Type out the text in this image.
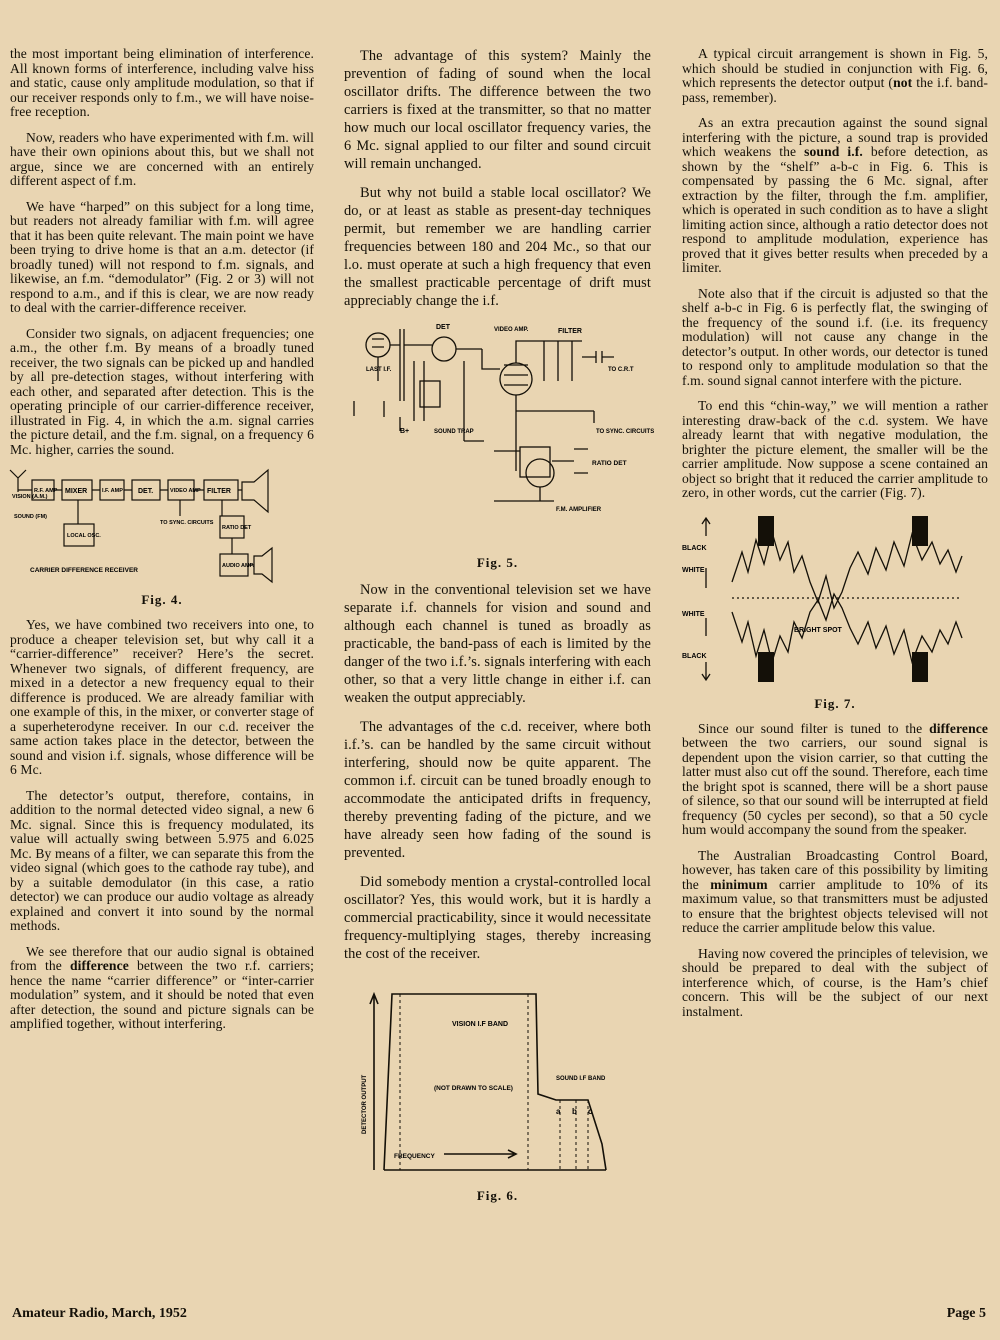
the most important being elimination of interference. All known forms of interference, including valve hiss and static, cause only amplitude modulation, so that if our receiver responds only to f.m., we will have noise-free reception.

Now, readers who have experimented with f.m. will have their own opinions about this, but we shall not argue, since we are concerned with an entirely different aspect of f.m.

We have “harped” on this subject for a long time, but readers not already familiar with f.m. will agree that it has been quite relevant. The main point we have been trying to drive home is that an a.m. detector (if broadly tuned) will not respond to f.m. signals, and likewise, an f.m. “demodulator” (Fig. 2 or 3) will not respond to a.m., and if this is clear, we are now ready to deal with the carrier-difference receiver.

Consider two signals, on adjacent frequencies; one a.m., the other f.m. By means of a broadly tuned receiver, the two signals can be picked up and handled by all pre-detection stages, without interfering with each other, and separated after detection. This is the operating principle of our carrier-difference receiver, illustrated in Fig. 4, in which the a.m. signal carries the picture detail, and the f.m. signal, on a frequency 6 Mc. higher, carries the sound.

VISION (A.M.)
SOUND (FM)
R.F. AMP MIXER	I.F. AMP DET.	VIDEO AMP FILTER
LOCAL OSC.
TO SYNC. CIRCUITS
RATIO DET
AUDIO AMP.
CARRIER DIFFERENCE RECEIVER
Fig. 4.

Yes, we have combined two receivers into one, to produce a cheaper television set, but why call it a “carrier-difference” receiver? Here’s the secret. Whenever two signals, of different frequency, are mixed in a detector a new frequency equal to their difference is produced. We are already familiar with one example of this, in the mixer, or converter stage of a superheterodyne receiver. In our c.d. receiver the same action takes place in the detector, between the sound and vision i.f. signals, whose difference will be 6 Mc.

The detector’s output, therefore, contains, in addition to the normal detected video signal, a new 6 Mc. signal. Since this is frequency modulated, its value will actually swing between 5.975 and 6.025 Mc. By means of a filter, we can separate this from the video signal (which goes to the cathode ray tube), and by a suitable demodulator (in this case, a ratio detector) we can produce our audio voltage as already explained and convert it into sound by the normal methods.

We see therefore that our audio signal is obtained from the difference between the two r.f. carriers; hence the name “carrier difference” or “inter-carrier modulation” system, and it should be noted that even after detection, the sound and picture signals can be amplified together, without interfering.

The advantage of this system? Mainly the prevention of fading of sound when the local oscillator drifts. The difference between the two carriers is fixed at the transmitter, so that no matter how much our local oscillator frequency varies, the 6 Mc. signal applied to our filter and sound circuit will remain unchanged.

But why not build a stable local oscillator? We do, or at least as stable as present-day techniques permit, but remember we are handling carrier frequencies between 180 and 204 Mc., so that our l.o. must operate at such a high frequency that even the smallest practicable percentage of drift must appreciably change the i.f.

DET	VIDEO AMP.	FILTER
LAST I.F.
B+	SOUND TRAP
TO C.R.T
TO SYNC. CIRCUITS
RATIO DET
F.M. AMPLIFIER
Fig. 5.

Now in the conventional television set we have separate i.f. channels for vision and sound and although each channel is tuned as broadly as practicable, the band-pass of each is limited by the danger of the two i.f.’s. signals interfering with each other, so that a very little change in either i.f. can weaken the output appreciably.

The advantages of the c.d. receiver, where both i.f.’s. can be handled by the same circuit without interfering, should now be quite apparent. The common i.f. circuit can be tuned broadly enough to accommodate the anticipated drifts in frequency, thereby preventing fading of the picture, and we have already seen how fading of the sound is prevented.

Did somebody mention a crystal-controlled local oscillator? Yes, this would work, but it is hardly a commercial practicability, since it would necessitate frequency-multiplying stages, thereby increasing the cost of the receiver.

VISION I.F BAND
(NOT DRAWN TO SCALE)
SOUND I.F BAND
a b c
DETECTOR OUTPUT
FREQUENCY
Fig. 6.

A typical circuit arrangement is shown in Fig. 5, which should be studied in conjunction with Fig. 6, which represents the detector output (not the i.f. band-pass, remember).

As an extra precaution against the sound signal interfering with the picture, a sound trap is provided which weakens the sound i.f. before detection, as shown by the “shelf” a-b-c in Fig. 6. This is compensated by passing the 6 Mc. signal, after extraction by the filter, through the f.m. amplifier, which is operated in such condition as to have a slight limiting action since, although a ratio detector does not respond to amplitude modulation, experience has proved that it gives better results when preceded by a limiter.

Note also that if the circuit is adjusted so that the shelf a-b-c in Fig. 6 is perfectly flat, the swinging of the frequency of the sound i.f. (i.e. its frequency modulation) will not cause any change in the detector’s output. In other words, our detector is tuned to respond only to amplitude modulation so that the f.m. sound signal cannot interfere with the picture.

To end this “chin-way,” we will mention a rather interesting draw-back of the c.d. system. We have already learnt that with negative modulation, the brighter the picture element, the smaller will be the carrier amplitude. Now suppose a scene contained an object so bright that it reduced the carrier amplitude to zero, in other words, cut the carrier (Fig. 7).

BLACK
WHITE
WHITE
BLACK
BRIGHT SPOT
Fig. 7.

Since our sound filter is tuned to the difference between the two carriers, our sound signal is dependent upon the vision carrier, so that cutting the latter must also cut off the sound. Therefore, each time the bright spot is scanned, there will be a short pause of silence, so that our sound will be interrupted at field frequency (50 cycles per second), so that a 50 cycle hum would accompany the sound from the speaker.

The Australian Broadcasting Control Board, however, has taken care of this possibility by limiting the minimum carrier amplitude to 10% of its maximum value, so that transmitters must be adjusted to ensure that the brightest objects televised will not reduce the carrier amplitude below this value.

Having now covered the principles of television, we should be prepared to deal with the subject of interference which, of course, is the Ham’s chief concern. This will be the subject of our next instalment.

Amateur Radio, March, 1952	Page 5
